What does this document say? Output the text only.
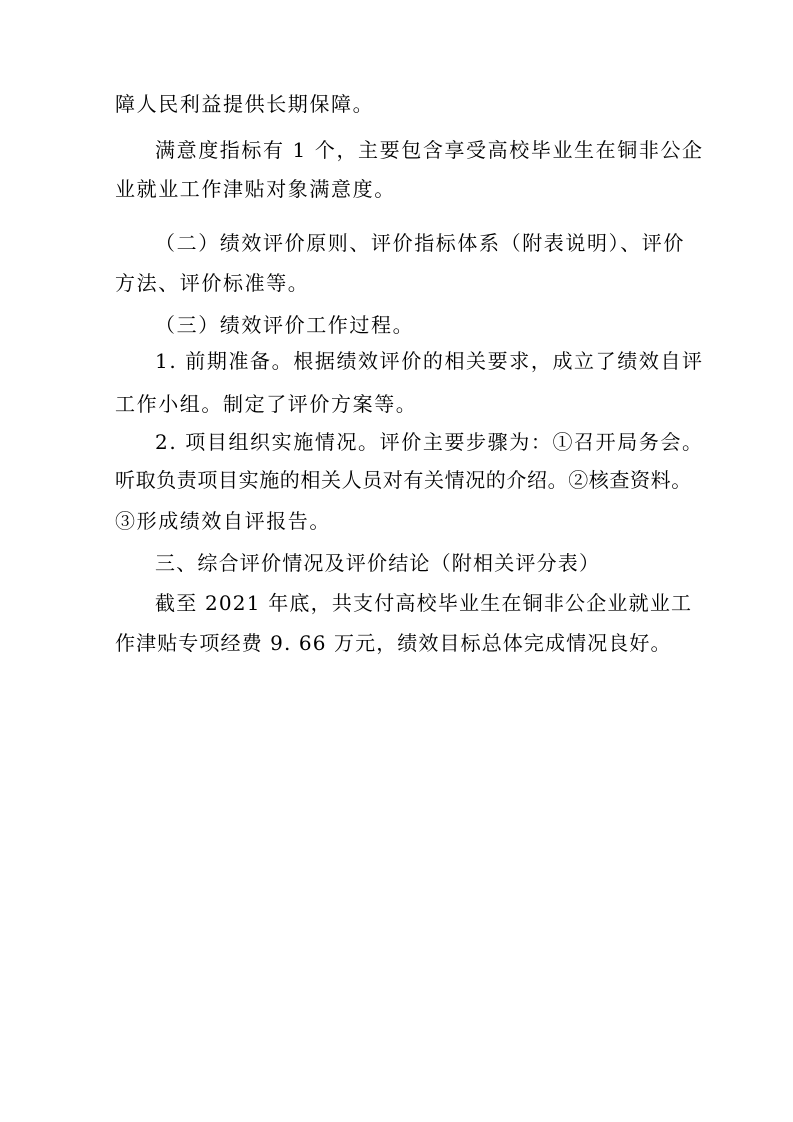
障人民利益提供长期保障。
满意度指标有 1 个，主要包含享受高校毕业生在铜非公企
业就业工作津贴对象满意度。
（二）绩效评价原则、评价指标体系（附表说明）、评价
方法、评价标准等。
（三）绩效评价工作过程。
1. 前期准备。根据绩效评价的相关要求，成立了绩效自评
工作小组。制定了评价方案等。
2. 项目组织实施情况。评价主要步骤为：①召开局务会。
听取负责项目实施的相关人员对有关情况的介绍。②核查资料。
③形成绩效自评报告。
三、综合评价情况及评价结论（附相关评分表）
截至 2021 年底，共支付高校毕业生在铜非公企业就业工
作津贴专项经费 9. 66 万元，绩效目标总体完成情况良好。
